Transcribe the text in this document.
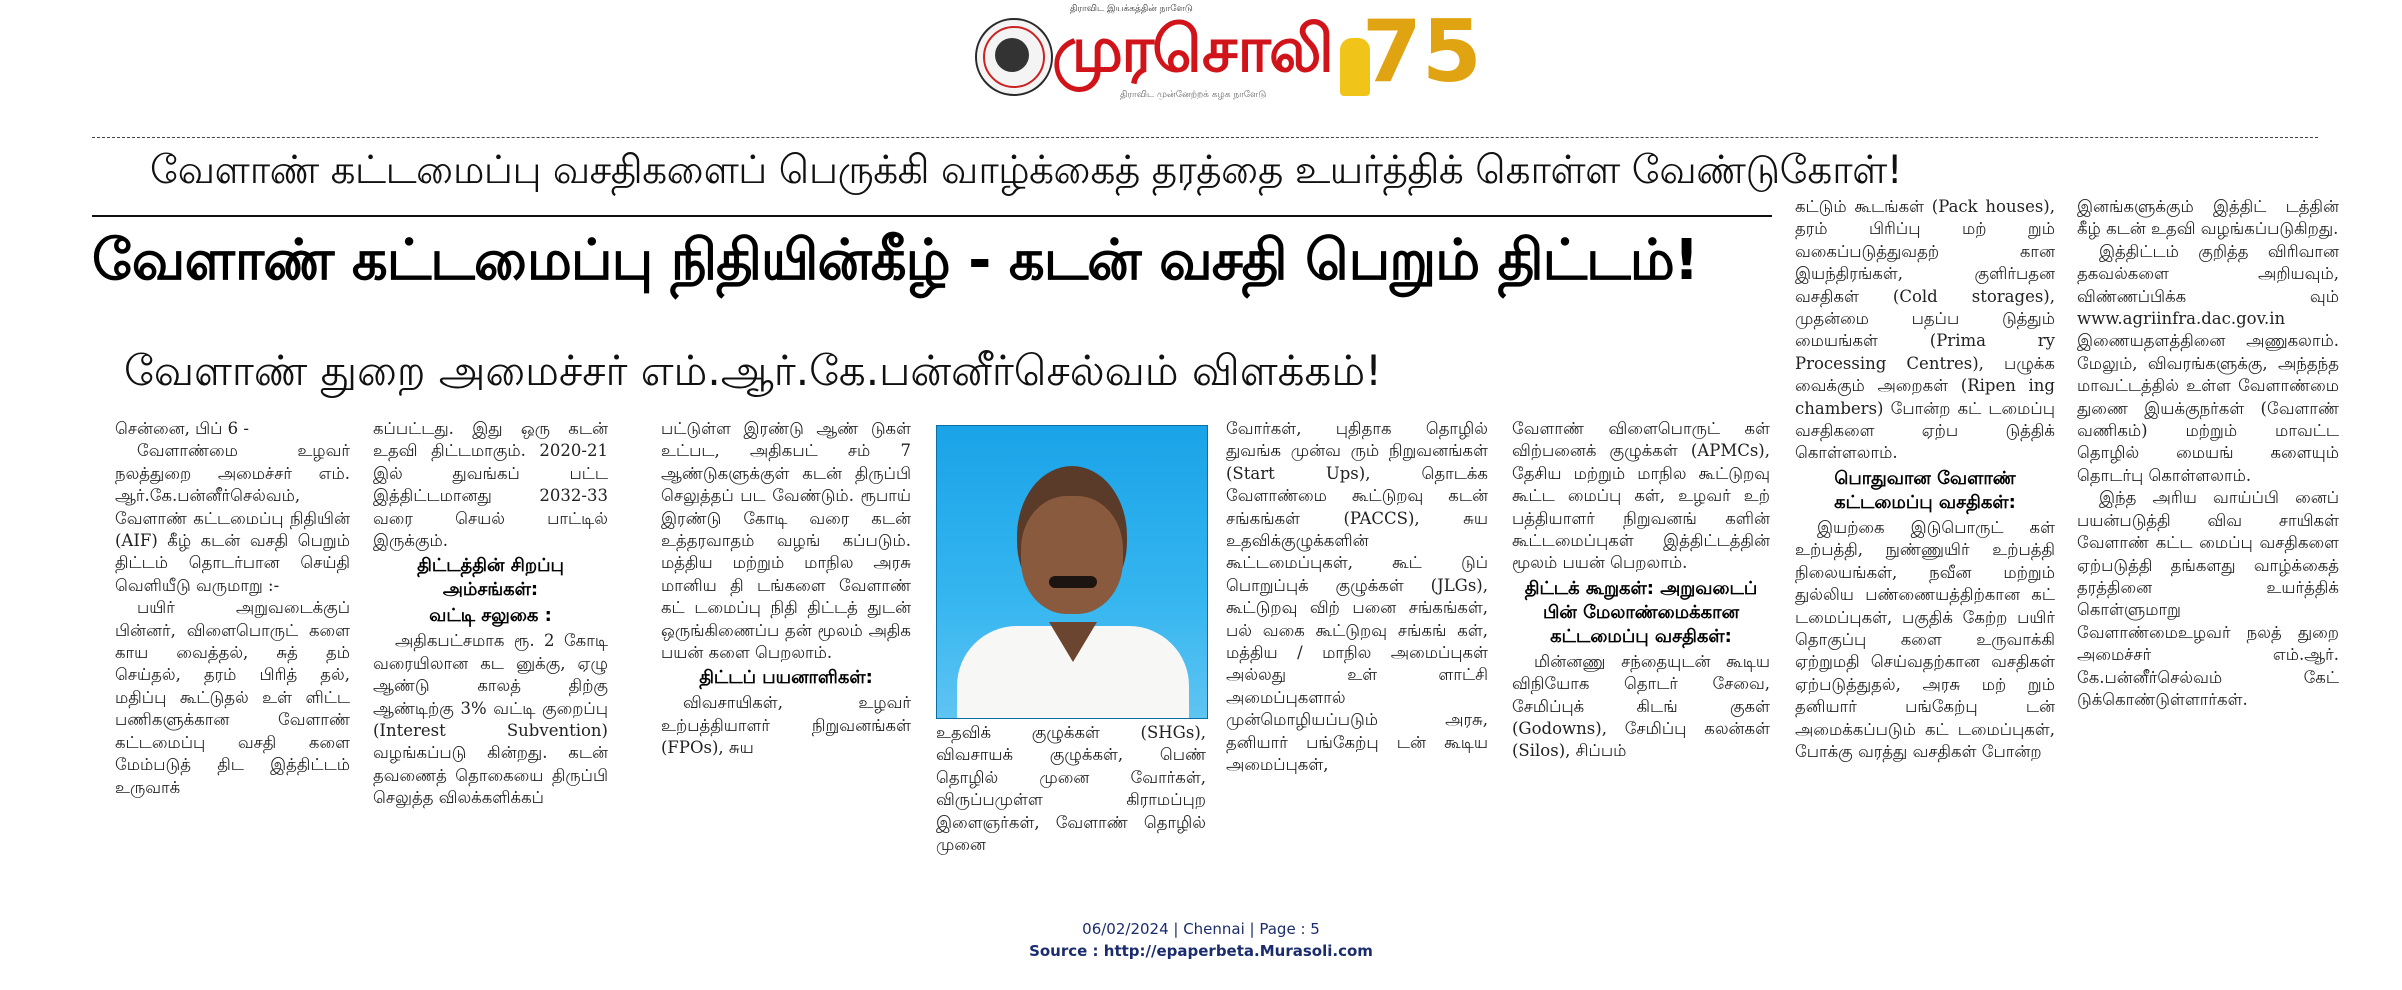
திராவிட இயக்கத்தின் நாளேடு
முரசொலி
திராவிட முன்னேற்றக் கழக நாளேடு 75
வேளாண் கட்டமைப்பு வசதிகளைப் பெருக்கி வாழ்க்கைத் தரத்தை உயர்த்திக் கொள்ள வேண்டுகோள்!
வேளாண் கட்டமைப்பு நிதியின்கீழ் - கடன் வசதி பெறும் திட்டம்!
வேளாண் துறை அமைச்சர் எம்.ஆர்.கே.பன்னீர்செல்வம் விளக்கம்!

சென்னை, பிப் 6 -

வேளாண்மை உழவர் நலத்துறை அமைச்சர் எம். ஆர்.கே.பன்னீர்செல்வம், வேளாண் கட்டமைப்பு நிதியின் (AIF) கீழ் கடன் வசதி பெறும் திட்டம் தொடர்பான செய்தி வெளியீடு வருமாறு :-

பயிர் அறுவடைக்குப் பின்னர், விளைபொருட் களை காய வைத்தல், சுத் தம் செய்தல், தரம் பிரித் தல், மதிப்பு கூட்டுதல் உள் ளிட்ட பணிகளுக்கான வேளாண் கட்டமைப்பு வசதி களை மேம்படுத் திட இத்திட்டம் உருவாக்

கப்பட்டது. இது ஒரு கடன் உதவி திட்டமாகும். 2020-21 இல் துவங்கப் பட்ட இத்திட்டமானது 2032-33 வரை செயல் பாட்டில் இருக்கும்.

திட்டத்தின் சிறப்பு அம்சங்கள்:

வட்டி சலுகை :

அதிகபட்சமாக ரூ. 2 கோடி வரையிலான கட னுக்கு, ஏழு ஆண்டு காலத் திற்கு ஆண்டிற்கு 3% வட்டி குறைப்பு (Interest Subvention) வழங்கப்படு கின்றது. கடன் தவணைத் தொகையை திருப்பி செலுத்த விலக்களிக்கப்

பட்டுள்ள இரண்டு ஆண் டுகள் உட்பட, அதிகபட் சம் 7 ஆண்டுகளுக்குள் கடன் திருப்பி செலுத்தப் பட வேண்டும். ரூபாய் இரண்டு கோடி வரை கடன் உத்தரவாதம் வழங் கப்படும். மத்திய மற்றும் மாநில அரசு மானிய தி டங்களை வேளாண் கட் டமைப்பு நிதி திட்டத் துடன் ஒருங்கிணைப்ப தன் மூலம் அதிக பயன் களை பெறலாம்.

திட்டப் பயனாளிகள்:

விவசாயிகள், உழவர் உற்பத்தியாளர் நிறுவனங்கள் (FPOs), சுய

உதவிக் குழுக்கள் (SHGs), விவசாயக் குழுக்கள், பெண் தொழில் முனை வோர்கள், விருப்பமுள்ள கிராமப்புற இளைஞர்கள், வேளாண் தொழில் முனை

வோர்கள், புதிதாக தொழில் துவங்க முன்வ ரும் நிறுவனங்கள் (Start Ups), தொடக்க வேளாண்மை கூட்டுறவு கடன் சங்கங்கள் (PACCS), சுய உதவிக்குழுக்களின் கூட்டமைப்புகள், கூட் டுப் பொறுப்புக் குழுக்கள் (JLGs), கூட்டுறவு விற் பனை சங்கங்கள், பல் வகை கூட்டுறவு சங்கங் கள், மத்திய / மாநில அமைப்புகள் அல்லது உள் ளாட்சி அமைப்புகளால் முன்மொழியப்படும் அரசு, தனியார் பங்கேற்பு டன் கூடிய அமைப்புகள்,

வேளாண் விளைபொருட் கள் விற்பனைக் குழுக்கள் (APMCs), தேசிய மற்றும் மாநில கூட்டுறவு கூட்ட மைப்பு கள், உழவர் உற் பத்தியாளர் நிறுவனங் களின் கூட்டமைப்புகள் இத்திட்டத்தின் மூலம் பயன் பெறலாம்.

திட்டக் கூறுகள்: அறுவடைப் பின் மேலாண்மைக்கான கட்டமைப்பு வசதிகள்:

மின்னணு சந்தையுடன் கூடிய விநியோக தொடர் சேவை, சேமிப்புக் கிடங் குகள் (Godowns), சேமிப்பு கலன்கள் (Silos), சிப்பம்

கட்டும் கூடங்கள் (Pack houses), தரம் பிரிப்பு மற் றும் வகைப்படுத்துவதற் கான இயந்திரங்கள், குளிர்பதன வசதிகள் (Cold storages), முதன்மை பதப்ப டுத்தும் மையங்கள் (Prima ry Processing Centres), பழுக்க வைக்கும் அறைகள் (Ripen ing chambers) போன்ற கட் டமைப்பு வசதிகளை ஏற்ப டுத்திக் கொள்ளலாம்.

பொதுவான வேளாண் கட்டமைப்பு வசதிகள்:

இயற்கை இடுபொருட் கள் உற்பத்தி, நுண்ணுயிர் உற்பத்தி நிலையங்கள், நவீன மற்றும் துல்லிய பண்ணையத்திற்கான கட் டமைப்புகள், பகுதிக் கேற்ற பயிர் தொகுப்பு களை உருவாக்கி ஏற்றுமதி செய்வதற்கான வசதிகள் ஏற்படுத்துதல், அரசு மற் றும் தனியார் பங்கேற்பு டன் அமைக்கப்படும் கட் டமைப்புகள், போக்கு வரத்து வசதிகள் போன்ற

இனங்களுக்கும் இத்திட் டத்தின் கீழ் கடன் உதவி வழங்கப்படுகிறது.

இத்திட்டம் குறித்த விரிவான தகவல்களை அறியவும், விண்ணப்பிக்க வும் www.agriinfra.dac.gov.in இணையதளத்தினை அணுகலாம். மேலும், விவரங்களுக்கு, அந்தந்த மாவட்டத்தில் உள்ள வேளாண்மை துணை இயக்குநர்கள் (வேளாண் வணிகம்) மற்றும் மாவட்ட தொழில் மையங் களையும் தொடர்பு கொள்ளலாம்.

இந்த அரிய வாய்ப்பி னைப் பயன்படுத்தி விவ சாயிகள் வேளாண் கட்ட மைப்பு வசதிகளை ஏற்படுத்தி தங்களது வாழ்க்கைத் தரத்தினை உயர்த்திக் கொள்ளுமாறு வேளாண்மைஉழவர் நலத் துறை அமைச்சர் எம்.ஆர். கே.பன்னீர்செல்வம் கேட் டுக்கொண்டுள்ளார்கள்.

06/02/2024 | Chennai | Page : 5
Source : http://epaperbeta.Murasoli.com
